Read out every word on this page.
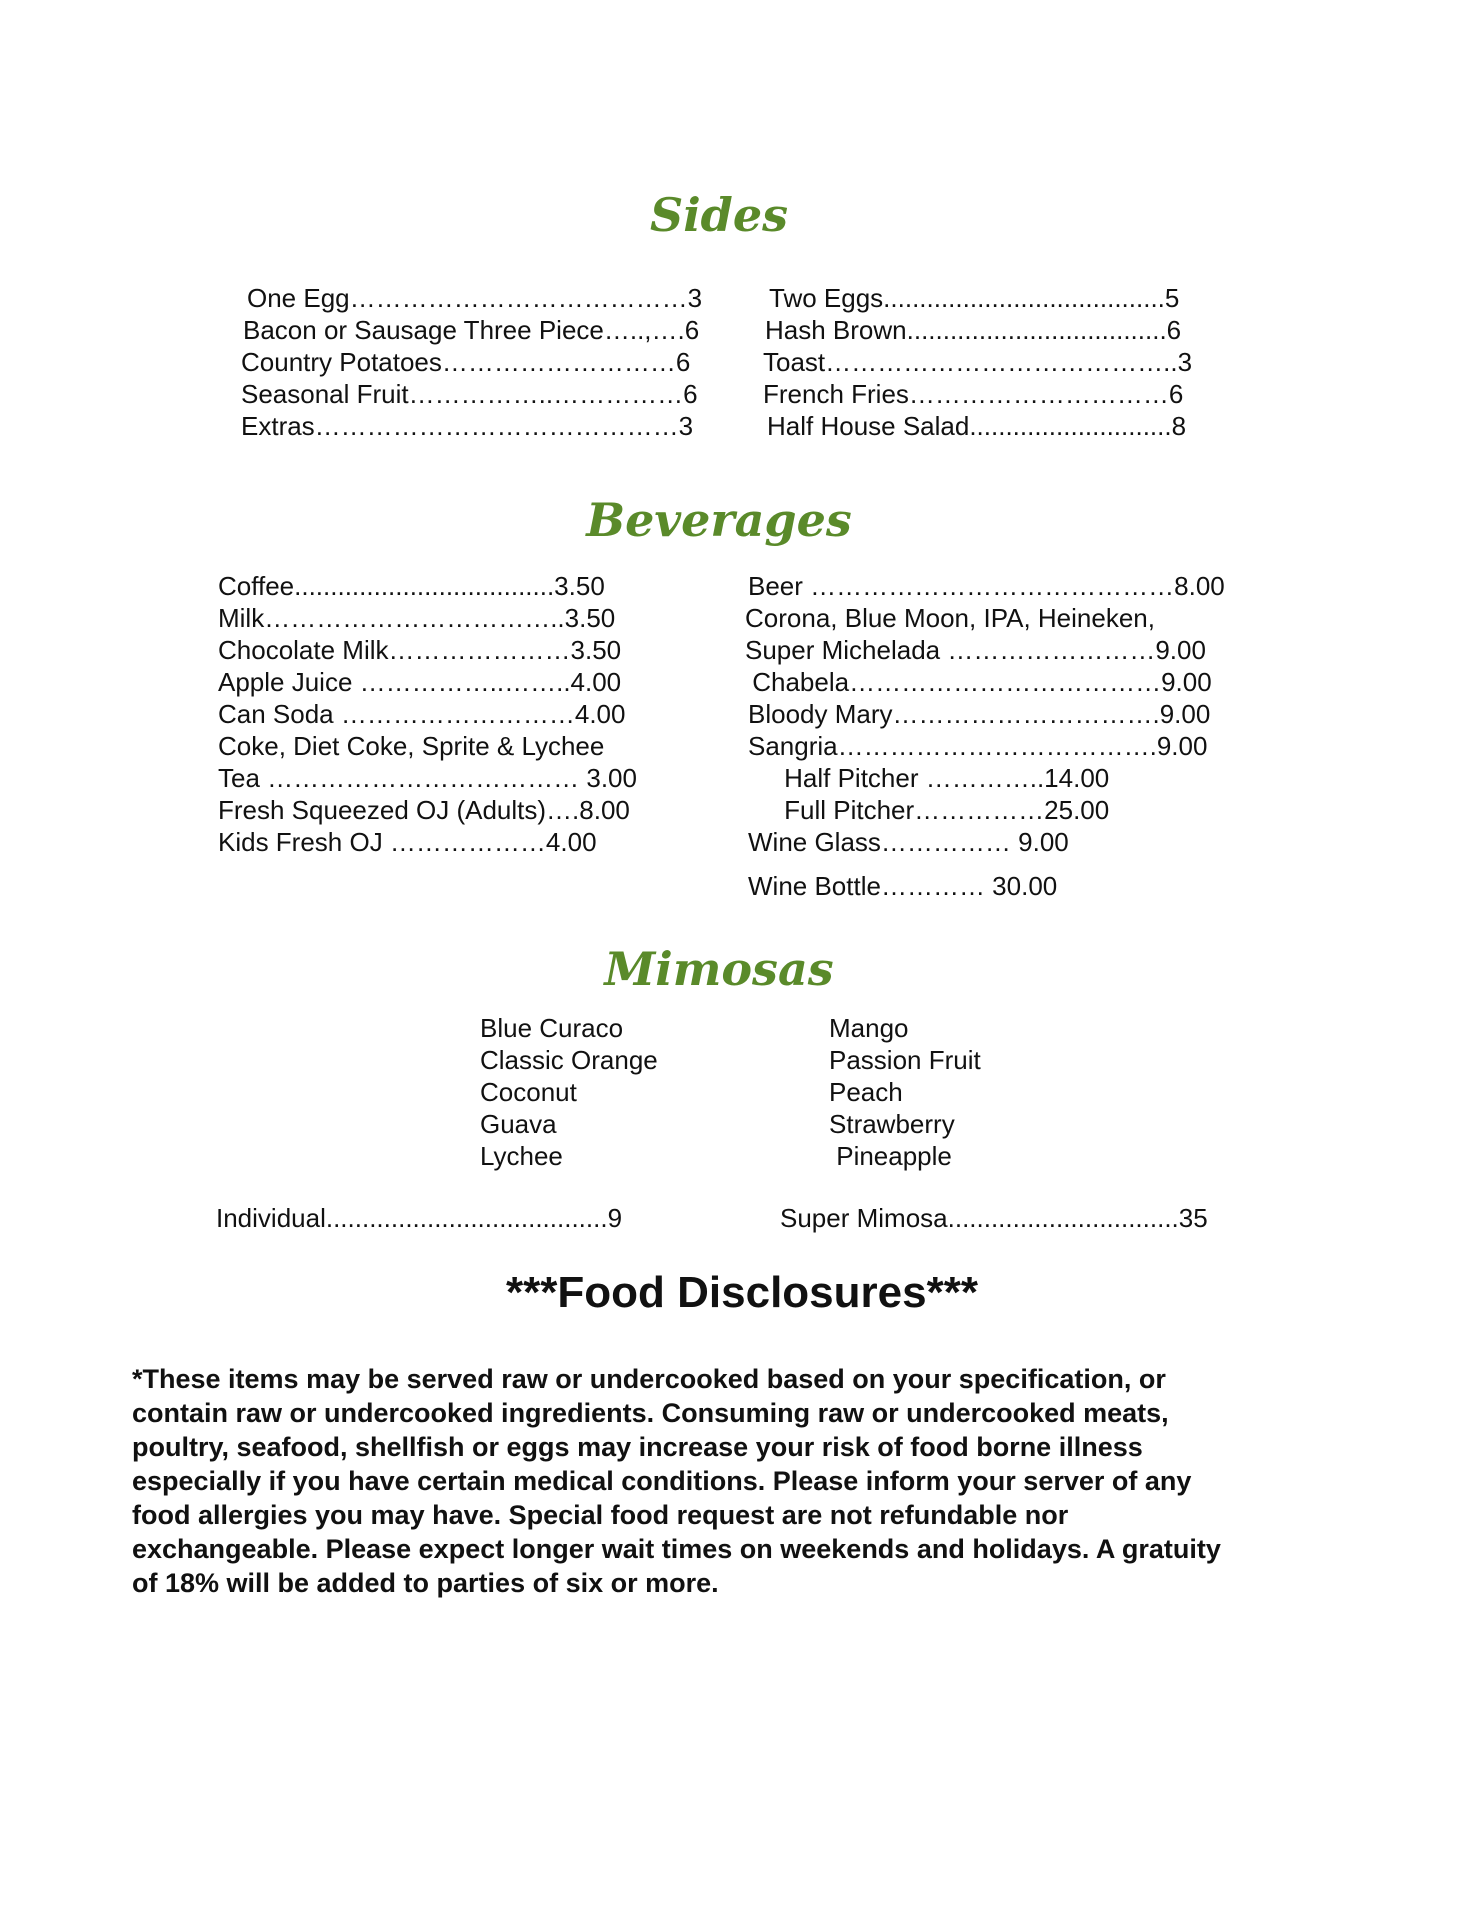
Sides
One Egg…………………………………3
Bacon or Sausage Three Piece…..,….6
Country Potatoes………………………6
Seasonal Fruit……………..……………6
Extras……………………………………3
Two Eggs.......................................5
Hash Brown....................................6
Toast…………………………………..3
French Fries…………………………6
Half House Salad............................8
Beverages
Coffee....................................3.50
Milk……………………………..3.50
Chocolate Milk…………………3.50
Apple Juice ……………..……..4.00
Can Soda ………………………4.00
Coke, Diet Coke, Sprite & Lychee
Tea ……………………………… 3.00
Fresh Squeezed OJ (Adults)….8.00
Kids Fresh OJ ………………4.00
Beer ……………………………………8.00
Corona, Blue Moon, IPA, Heineken,
Super Michelada ……………………9.00
Chabela………………………………9.00
Bloody Mary………………………….9.00
Sangria……………………………….9.00
Half Pitcher …………..14.00
Full Pitcher……………25.00
Wine Glass…………… 9.00
Wine Bottle………… 30.00
Mimosas
Blue Curaco
Classic Orange
Coconut
Guava
Lychee
Mango
Passion Fruit
Peach
Strawberry
Pineapple
Individual.......................................9	Super Mimosa................................35
***Food Disclosures***
*These items may be served raw or undercooked based on your specification, or
contain raw or undercooked ingredients. Consuming raw or undercooked meats,
poultry, seafood, shellfish or eggs may increase your risk of food borne illness
especially if you have certain medical conditions. Please inform your server of any
food allergies you may have. Special food request are not refundable nor
exchangeable. Please expect longer wait times on weekends and holidays. A gratuity
of 18% will be added to parties of six or more.
